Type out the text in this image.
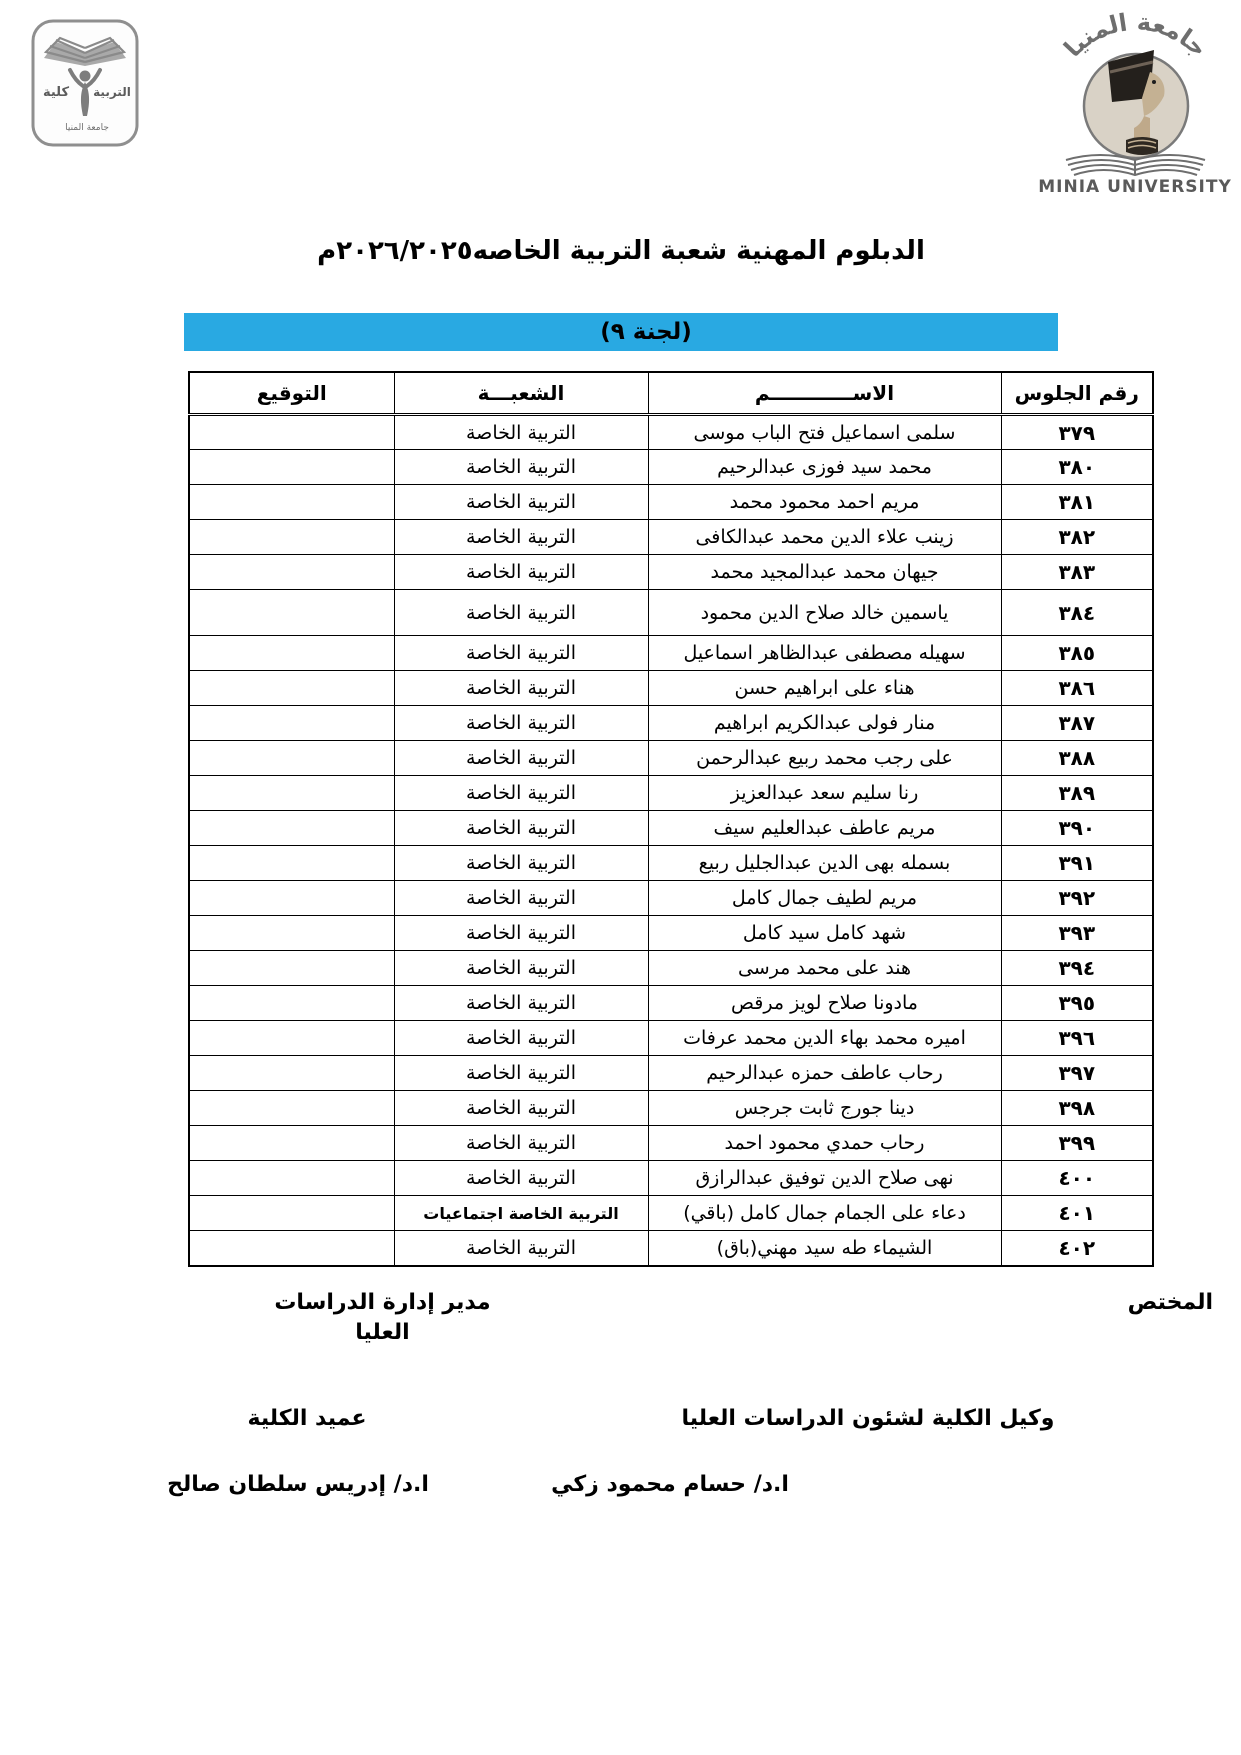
كلية التربية
جامعة المنيا
جامعة المنيا
MINIA UNIVERSITY
الدبلوم المهنية شعبة التربية الخاصه٢٠٢٦/٢٠٢٥م
(لجنة ٩)
رقم الجلوس	الاســــــــــــم	الشعبـــة	التوقيع
٣٧٩	سلمى اسماعيل فتح الباب موسى	التربية الخاصة	
٣٨٠	محمد سيد فوزى عبدالرحيم	التربية الخاصة	
٣٨١	مريم احمد محمود محمد	التربية الخاصة	
٣٨٢	زينب علاء الدين محمد عبدالكافى	التربية الخاصة	
٣٨٣	جيهان محمد عبدالمجيد محمد	التربية الخاصة	
٣٨٤	ياسمين خالد صلاح الدين محمود	التربية الخاصة	
٣٨٥	سهيله مصطفى عبدالظاهر اسماعيل	التربية الخاصة	
٣٨٦	هناء على ابراهيم حسن	التربية الخاصة	
٣٨٧	منار فولى عبدالكريم ابراهيم	التربية الخاصة	
٣٨٨	على رجب محمد ربيع عبدالرحمن	التربية الخاصة	
٣٨٩	رنا سليم سعد عبدالعزيز	التربية الخاصة	
٣٩٠	مريم عاطف عبدالعليم سيف	التربية الخاصة	
٣٩١	بسمله بهى الدين عبدالجليل ربيع	التربية الخاصة	
٣٩٢	مريم لطيف جمال كامل	التربية الخاصة	
٣٩٣	شهد كامل سيد كامل	التربية الخاصة	
٣٩٤	هند على محمد مرسى	التربية الخاصة	
٣٩٥	مادونا صلاح لويز مرقص	التربية الخاصة	
٣٩٦	اميره محمد بهاء الدين محمد عرفات	التربية الخاصة	
٣٩٧	رحاب عاطف حمزه عبدالرحيم	التربية الخاصة	
٣٩٨	دينا جورج ثابت جرجس	التربية الخاصة	
٣٩٩	رحاب حمدي محمود احمد	التربية الخاصة	
٤٠٠	نهى صلاح الدين توفيق عبدالرازق	التربية الخاصة	
٤٠١	دعاء على الجمام جمال كامل (باقي)	التربية الخاصة اجتماعيات	
٤٠٢	الشيماء طه سيد مهني(باق)	التربية الخاصة	
المختص
مدير إدارة الدراسات
العليا
وكيل الكلية لشئون الدراسات العليا
عميد الكلية
ا.د/ حسام محمود زكي
ا.د/ إدريس سلطان صالح
